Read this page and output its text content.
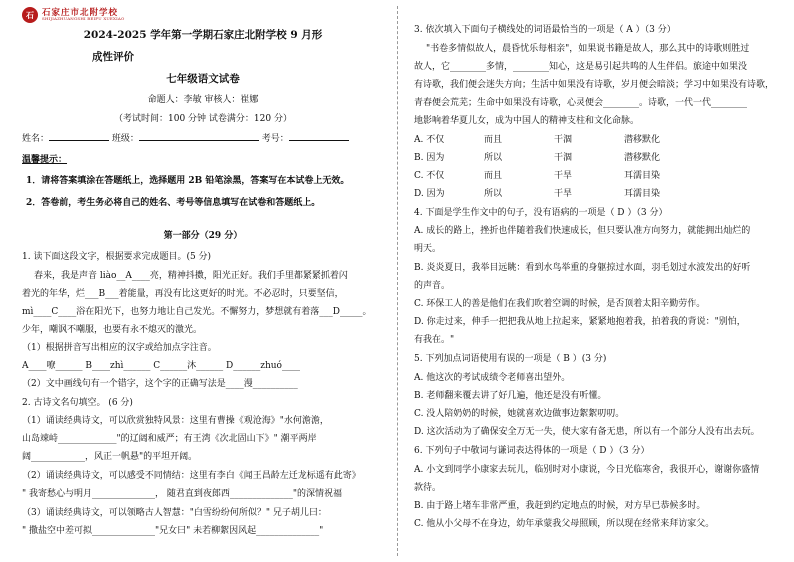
石 石家庄市北附学校
SHIJIAZHUANGSHI BEIFU XUEXIAO
2024-2025 学年第一学期石家庄北附学校 9 月形
成性评价
七年级语文试卷
命题人：李敏 审核人：崔娜
（考试时间：100 分钟 试卷满分：120 分）
姓名：	班级：	考号：
温馨提示：
1．请将答案填涂在答题纸上，选择题用 2B 铅笔涂黑，答案写在本试卷上无效。
2．答卷前，考生务必将自己的姓名、考号等信息填写在试卷和答题纸上。
第一部分（29 分）
1. 读下面这段文字，根据要求完成题目。(5 分)
春来，我是声音 liào__A____亮，精神抖擞，阳光正好。我们手里都紧紧抓着闪
着光的年华，烂___B___着能量，再没有比这更好的时光。不必忍时，只要坚信，
mì____C____浴在阳光下，也努力地让自己发光。不懈努力，梦想就有着落___D_____。
少年，嘲讽不嘲服，也要有永不熄灭的激光。
（1）根据拼音写出相应的汉字或给加点字注音。
A____嘹______ B____zhì______ C______沐______ D______zhuó____
（2）文中画线句有一个错字，这个字的正确写法是____漫__________
2. 古诗文名句填空。 (6 分)
（1）诵读经典诗文，可以欣赏独特风景：这里有曹操《观沧海》"水何澹澹，
山岛竦峙_____________"的辽阔和威严；有王湾《次北固山下》" 潮平两岸
阔____________，风正一帆悬"的平坦开阔。
（2）诵读经典诗文，可以感受不同情结：这里有李白《闻王昌龄左迁龙标遥有此寄》
" 我寄愁心与明月______________， 随君直到夜郎西______________"的深情祝福
（3）诵读经典诗文，可以领略古人智慧："白雪纷纷何所似？" 兄子胡儿曰：
" 撒盐空中差可拟______________"兄女曰" 未若柳絮因风起______________"
3. 依次填入下面句子横线处的词语最恰当的一项是（ A ）（3 分）
"书卷多情似故人，晨昏忧乐每相亲"，如果说书籍是故人，那么其中的诗歌则胜过
故人，它________多情，________知心，这是易引起共鸣的人生伴侣。旅途中如果没
有诗歌，我们便会迷失方向；生活中如果没有诗歌，岁月便会暗淡；学习中如果没有诗歌，
青春便会荒芜；生命中如果没有诗歌，心灵便会________。诗歌，一代一代________
地影响着华夏儿女，成为中国人的精神支柱和文化命脉。
A. 不仅	而且	干涸	潜移默化
B. 因为	所以	干涸	潜移默化
C. 不仅	而且	干旱	耳濡目染
D. 因为	所以	干旱	耳濡目染
4. 下面是学生作文中的句子，没有语病的一项是（ D ）（3 分）
A. 成长的路上，挫折也伴随着我们快速成长，但只要认准方向努力，就能拥出灿烂的
明天。
B. 炎炎夏日，我举目远眺：看到水鸟举重的身躯掠过水面，羽毛划过水波发出的好听
的声音。
C. 环保工人的善是他们在我们吹着空调的时候，是否顶着太阳辛勤劳作。
D. 你走过来，伸手一把把我从地上拉起来，紧紧地抱着我，拍着我的背说："别怕，
有我在。"
5. 下列加点词语使用有误的一项是（ B ）(3 分)
A. 他这次的考试成绩令老师喜出望外。
B. 老师翻来覆去讲了好几遍，他还是没有听懂。
C. 没人陪奶奶的时候，她就喜欢边做事边絮絮叨叨。
D. 这次活动为了确保安全万无一失，使大家有备无患，所以有一个部分人没有出去玩。
6. 下列句子中敬词与谦词表达得体的一项是（ D ）（3 分）
A. 小文到同学小康家去玩儿，临别时对小康说，今日光临寒舍，我很开心，谢谢你盛情
款待。
B. 由于路上堵车非常严重，我赶到约定地点的时候，对方早已恭候多时。
C. 他从小父母不在身边，幼年承蒙我父母照顾，所以现在经常来拜访家父。
